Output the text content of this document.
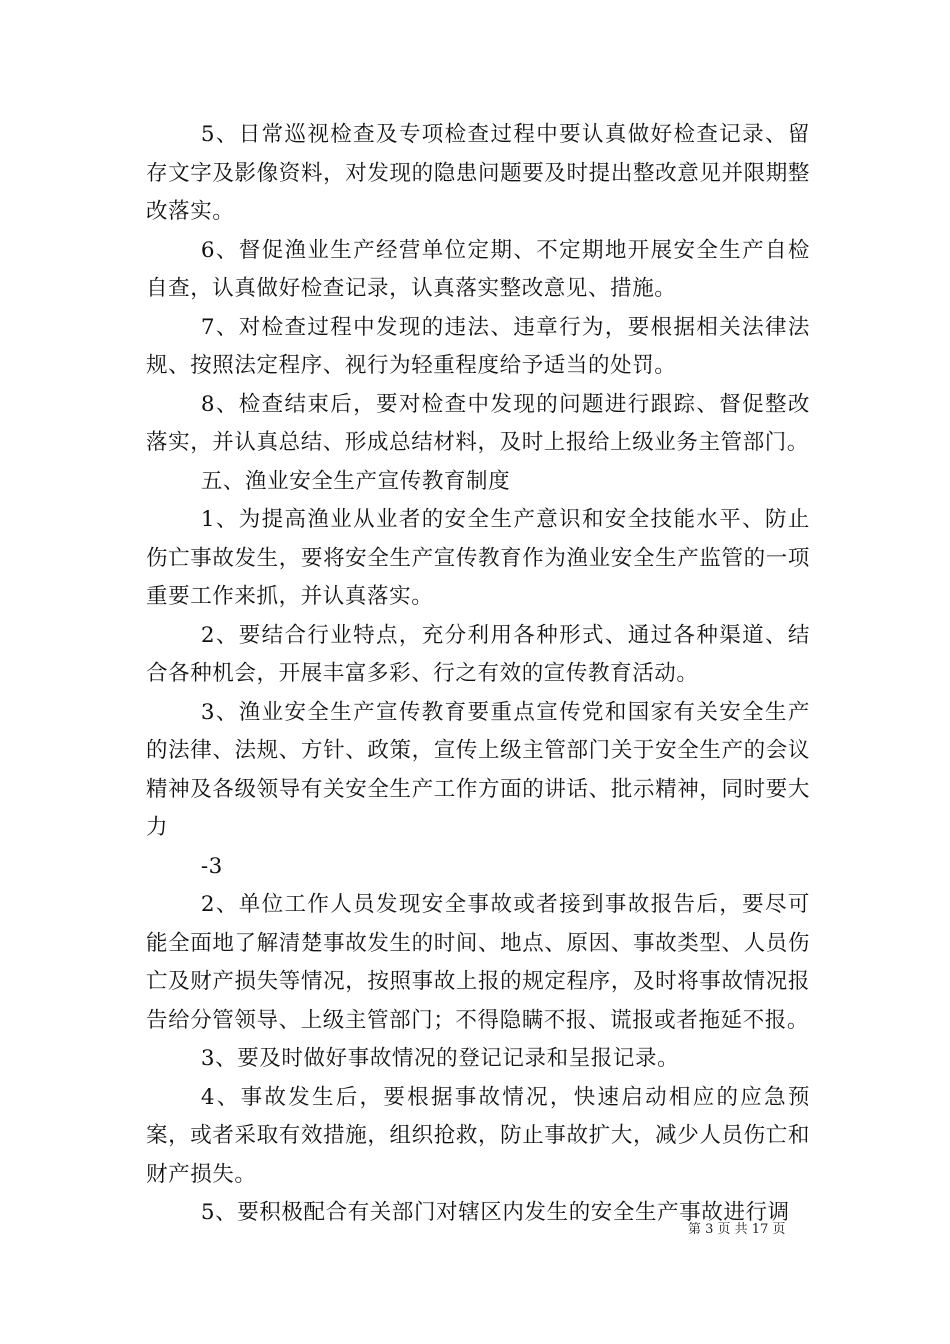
5、日常巡视检查及专项检查过程中要认真做好检查记录、留存文字及影像资料，对发现的隐患问题要及时提出整改意见并限期整改落实。

6、督促渔业生产经营单位定期、不定期地开展安全生产自检自查，认真做好检查记录，认真落实整改意见、措施。

7、对检查过程中发现的违法、违章行为，要根据相关法律法规、按照法定程序、视行为轻重程度给予适当的处罚。

8、检查结束后，要对检查中发现的问题进行跟踪、督促整改落实，并认真总结、形成总结材料，及时上报给上级业务主管部门。

五、渔业安全生产宣传教育制度

1、为提高渔业从业者的安全生产意识和安全技能水平、防止伤亡事故发生，要将安全生产宣传教育作为渔业安全生产监管的一项重要工作来抓，并认真落实。

2、要结合行业特点，充分利用各种形式、通过各种渠道、结合各种机会，开展丰富多彩、行之有效的宣传教育活动。

3、渔业安全生产宣传教育要重点宣传党和国家有关安全生产的法律、法规、方针、政策，宣传上级主管部门关于安全生产的会议精神及各级领导有关安全生产工作方面的讲话、批示精神，同时要大力

-3

2、单位工作人员发现安全事故或者接到事故报告后，要尽可能全面地了解清楚事故发生的时间、地点、原因、事故类型、人员伤亡及财产损失等情况，按照事故上报的规定程序，及时将事故情况报告给分管领导、上级主管部门；不得隐瞒不报、谎报或者拖延不报。

3、要及时做好事故情况的登记记录和呈报记录。

4、事故发生后，要根据事故情况，快速启动相应的应急预案，或者采取有效措施，组织抢救，防止事故扩大，减少人员伤亡和财产损失。

5、要积极配合有关部门对辖区内发生的安全生产事故进行调

第 3 页 共 17 页
